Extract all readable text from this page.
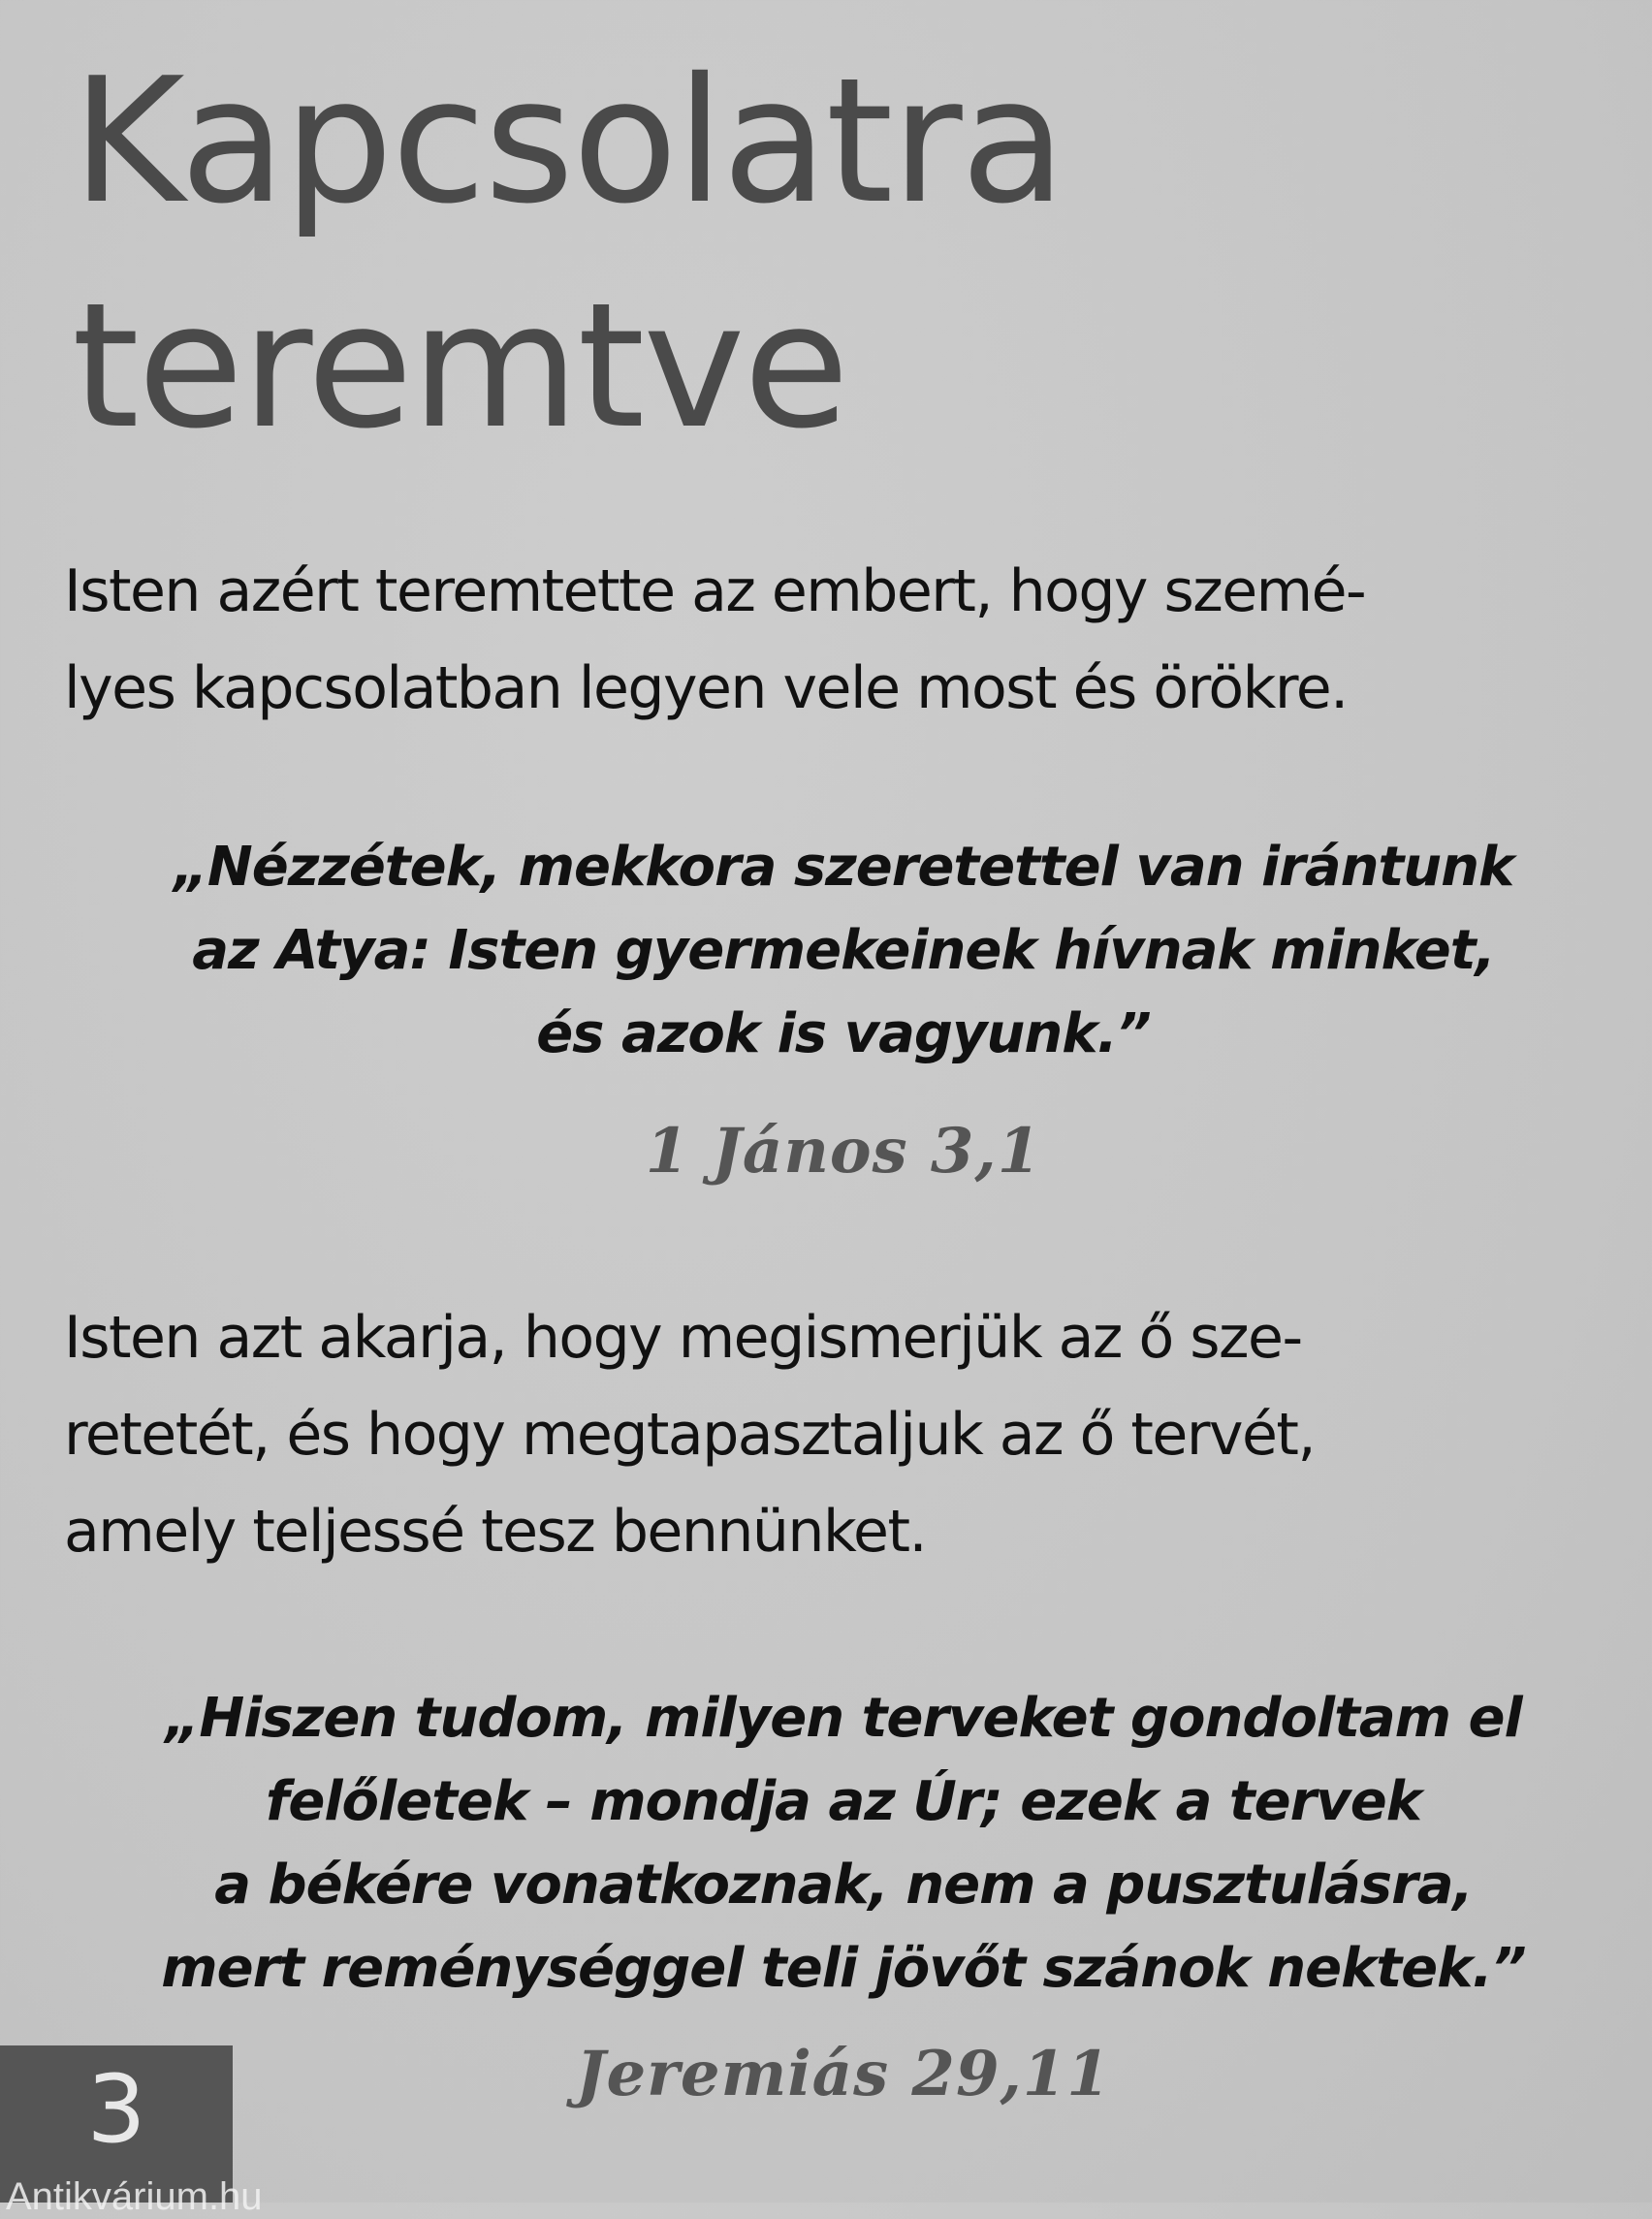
Kapcsolatra
teremtve

Isten azért teremtette az embert, hogy szemé-
lyes kapcsolatban legyen vele most és örökre.

„Nézzétek, mekkora szeretettel van irántunk
az Atya: Isten gyermekeinek hívnak minket,
és azok is vagyunk.”

1 János 3,1

Isten azt akarja, hogy megismerjük az ő sze-
retetét, és hogy megtapasztaljuk az ő tervét,
amely teljessé tesz bennünket.

„Hiszen tudom, milyen terveket gondoltam el
felőletek – mondja az Úr; ezek a tervek
a békére vonatkoznak, nem a pusztulásra,
mert reménységgel teli jövőt szánok nektek.”

Jeremiás 29,11

3
Antikvárium.hu
